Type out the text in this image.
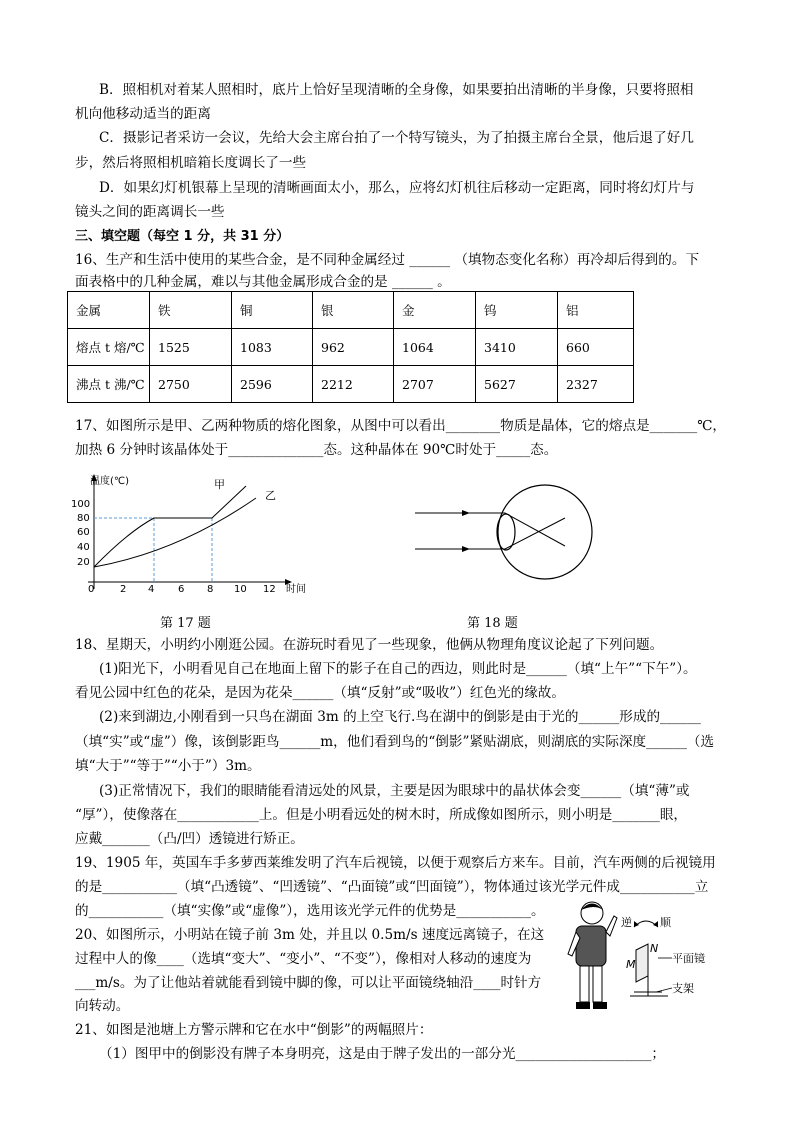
B．照相机对着某人照相时，底片上恰好呈现清晰的全身像，如果要拍出清晰的半身像，只要将照相
机向他移动适当的距离
C．摄影记者采访一会议，先给大会主席台拍了一个特写镜头，为了拍摄主席台全景，他后退了好几
步，然后将照相机暗箱长度调长了一些
D．如果幻灯机银幕上呈现的清晰画面太小，那么，应将幻灯机往后移动一定距离，同时将幻灯片与
镜头之间的距离调长一些
三、填空题（每空 1 分，共 31 分）
16、生产和生活中使用的某些合金，是不同种金属经过 ______ （填物态变化名称）再冷却后得到的。下
面表格中的几种金属，难以与其他金属形成合金的是 ______ 。
金属	铁	铜	银	金	钨	铝
熔点 t 熔/℃	1525	1083	962	1064	3410	660
沸点 t 沸/℃	2750	2596	2212	2707	5627	2327
17、如图所示是甲、乙两种物质的熔化图象，从图中可以看出________物质是晶体，它的熔点是_______℃，
加热 6 分钟时该晶体处于______________态。这种晶体在 90℃时处于_____态。
温度(℃)
时间
100
80
60
40
20
0	2 4 6 8 10 12
甲
乙
第 17 题	第 18 题
18、星期天，小明约小刚逛公园。在游玩时看见了一些现象，他俩从物理角度议论起了下列问题。
(1)阳光下，小明看见自己在地面上留下的影子在自己的西边，则此时是______（填“上午”“下午”）。
看见公园中红色的花朵，是因为花朵______（填“反射”或“吸收”）红色光的缘故。
(2)来到湖边,小刚看到一只鸟在湖面 3m 的上空飞行.鸟在湖中的倒影是由于光的______形成的______
（填“实”或“虚”）像，该倒影距鸟______m，他们看到鸟的“倒影”紧贴湖底，则湖底的实际深度______（选
填“大于”“等于”“小于”）3m。
(3)正常情况下，我们的眼睛能看清远处的风景，主要是因为眼球中的晶状体会变______（填“薄”或
“厚”），使像落在____________上。但是小明看远处的树木时，所成像如图所示，则小明是_______眼，
应戴_______（凸/凹）透镜进行矫正。
19、1905 年，英国车手多萝西莱维发明了汽车后视镜，以便于观察后方来车。目前，汽车两侧的后视镜用
的是___________（填“凸透镜”、“凹透镜”、“凸面镜”或“凹面镜”），物体通过该光学元件成___________立
的___________（填“实像”或“虚像”），选用该光学元件的优势是___________。
20、如图所示，小明站在镜子前 3m 处，并且以 0.5m/s 速度远离镜子，在这
过程中人的像____（选填“变大”、“变小”、“不变”），像相对人移动的速度为
___m/s。为了让他站着就能看到镜中脚的像，可以让平面镜绕轴沿____时针方
向转动。
逆	顺
M
N
平面镜
支架
21、如图是池塘上方警示牌和它在水中“倒影”的两幅照片：
（1）图甲中的倒影没有牌子本身明亮，这是由于牌子发出的一部分光____________________；
